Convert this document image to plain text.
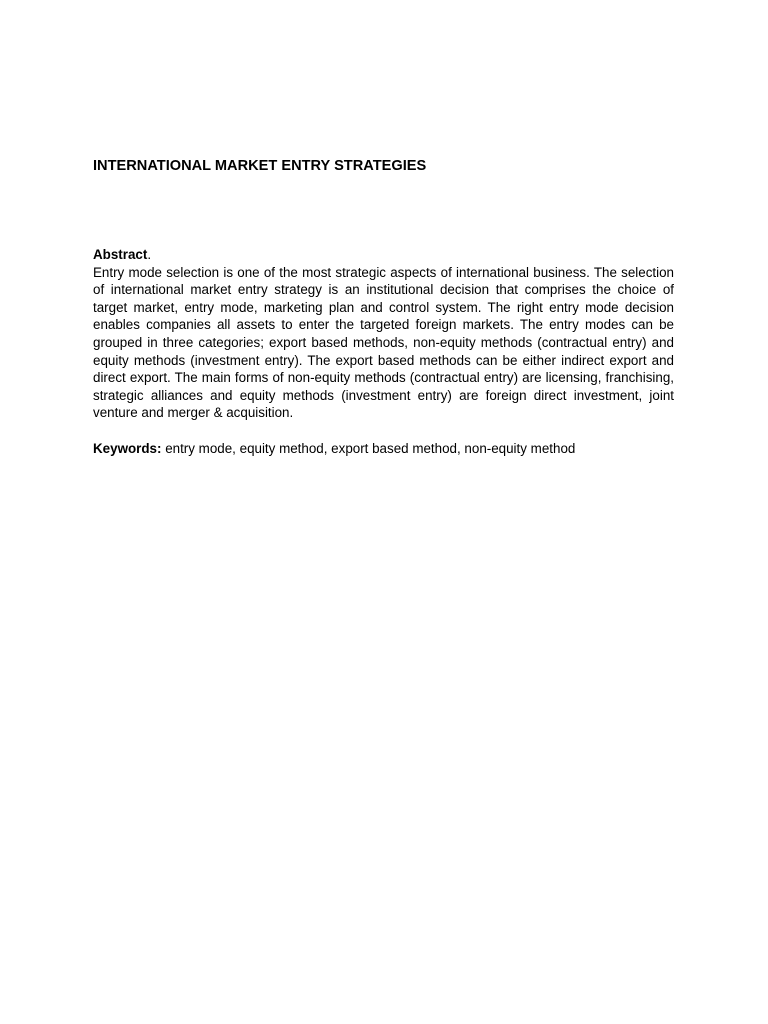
INTERNATIONAL MARKET ENTRY STRATEGIES

Abstract.

Entry mode selection is one of the most strategic aspects of international business. The selection of international market entry strategy is an institutional decision that comprises the choice of target market, entry mode, marketing plan and control system. The right entry mode decision enables companies all assets to enter the targeted foreign markets. The entry modes can be grouped in three categories; export based methods, non-equity methods (contractual entry) and equity methods (investment entry). The export based methods can be either indirect export and direct export. The main forms of non-equity methods (contractual entry) are licensing, franchising, strategic alliances and equity methods (investment entry) are foreign direct investment, joint venture and merger & acquisition.

Keywords: entry mode, equity method, export based method, non-equity method
